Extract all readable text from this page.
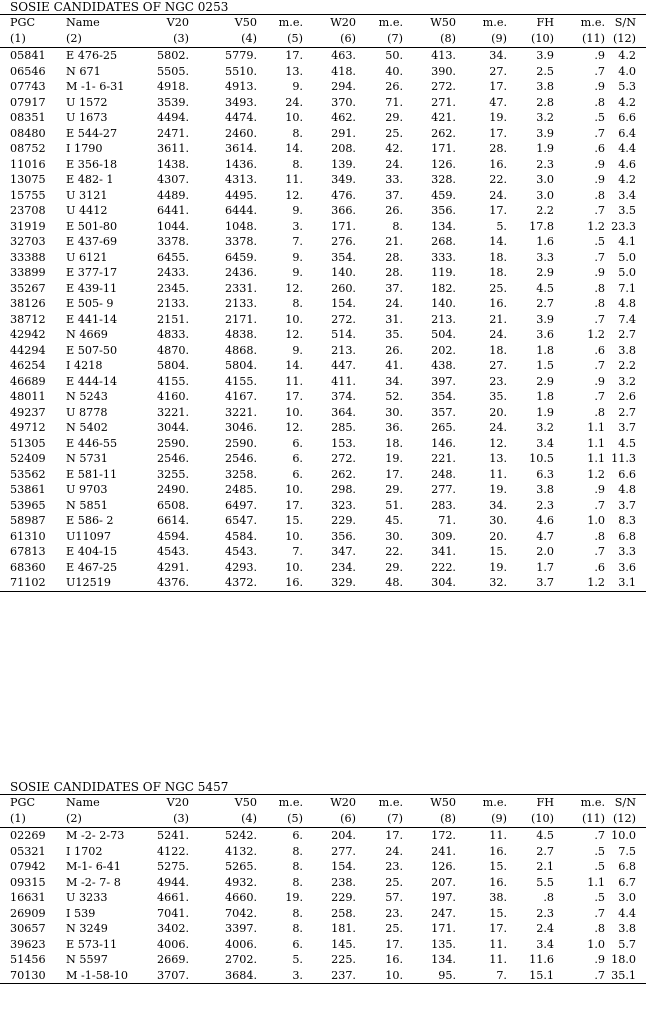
SOSIE CANDIDATES OF NGC 0253
PGC	Name	V20	V50 m.e. W20 m.e. W50 m.e.	FH m.e. S/N
(1)	(2)	(3)	(4)	(5)	(6)	(7)	(8)	(9) (10)	(11) (12)
05841 E 476-25	5802.	5779.	17.	463.	50.	413.	34.	3.9	.9 4.2
06546 N 671	5505.	5510.	13.	418.	40.	390.	27.	2.5	.7 4.0
07743 M -1- 6-31	4918.	4913.	9.	294.	26.	272.	17.	3.8	.9 5.3
07917 U 1572	3539.	3493.	24.	370.	71.	271.	47.	2.8	.8 4.2
08351 U 1673	4494.	4474.	10.	462.	29.	421.	19.	3.2	.5 6.6
08480 E 544-27	2471.	2460.	8.	291.	25.	262.	17.	3.9	.7 6.4
08752 I 1790	3611.	3614.	14.	208.	42.	171.	28.	1.9	.6 4.4
11016 E 356-18	1438.	1436.	8.	139.	24.	126.	16.	2.3	.9 4.6
13075 E 482- 1	4307.	4313.	11.	349.	33.	328.	22.	3.0	.9 4.2
15755 U 3121	4489.	4495.	12.	476.	37.	459.	24.	3.0	.8 3.4
23708 U 4412	6441.	6444.	9.	366.	26.	356.	17.	2.2	.7 3.5
31919 E 501-80	1044.	1048.	3.	171.	8.	134.	5. 17.8	1.2 23.3
32703 E 437-69	3378.	3378.	7.	276.	21.	268.	14.	1.6	.5 4.1
33388 U 6121	6455.	6459.	9.	354.	28.	333.	18.	3.3	.7 5.0
33899 E 377-17	2433.	2436.	9.	140.	28.	119.	18.	2.9	.9 5.0
35267 E 439-11	2345.	2331.	12.	260.	37.	182.	25.	4.5	.8 7.1
38126 E 505- 9	2133.	2133.	8.	154.	24.	140.	16.	2.7	.8 4.8
38712 E 441-14	2151.	2171.	10.	272.	31.	213.	21.	3.9	.7 7.4
42942 N 4669	4833.	4838.	12.	514.	35.	504.	24.	3.6	1.2 2.7
44294 E 507-50	4870.	4868.	9.	213.	26.	202.	18.	1.8	.6 3.8
46254 I 4218	5804.	5804.	14.	447.	41.	438.	27.	1.5	.7 2.2
46689 E 444-14	4155.	4155.	11.	411.	34.	397.	23.	2.9	.9 3.2
48011 N 5243	4160.	4167.	17.	374.	52.	354.	35.	1.8	.7 2.6
49237 U 8778	3221.	3221.	10.	364.	30.	357.	20.	1.9	.8 2.7
49712 N 5402	3044.	3046.	12.	285.	36.	265.	24.	3.2	1.1 3.7
51305 E 446-55	2590.	2590.	6.	153.	18.	146.	12.	3.4	1.1 4.5
52409 N 5731	2546.	2546.	6.	272.	19.	221.	13. 10.5	1.1 11.3
53562 E 581-11	3255.	3258.	6.	262.	17.	248.	11.	6.3	1.2 6.6
53861 U 9703	2490.	2485.	10.	298.	29.	277.	19.	3.8	.9 4.8
53965 N 5851	6508.	6497.	17.	323.	51.	283.	34.	2.3	.7 3.7
58987 E 586- 2	6614.	6547.	15.	229.	45.	71.	30.	4.6	1.0 8.3
61310 U11097	4594.	4584.	10.	356.	30.	309.	20.	4.7	.8 6.8
67813 E 404-15	4543.	4543.	7.	347.	22.	341.	15.	2.0	.7 3.3
68360 E 467-25	4291.	4293.	10.	234.	29.	222.	19.	1.7	.6 3.6
71102 U12519	4376.	4372.	16.	329.	48.	304.	32.	3.7	1.2 3.1
SOSIE CANDIDATES OF NGC 5457
PGC	Name	V20	V50 m.e. W20 m.e. W50 m.e.	FH m.e. S/N
(1)	(2)	(3)	(4)	(5)	(6)	(7)	(8)	(9) (10)	(11) (12)
02269 M -2- 2-73	5241.	5242.	6.	204.	17.	172.	11.	4.5	.7 10.0
05321 I 1702	4122.	4132.	8.	277.	24.	241.	16.	2.7	.5 7.5
07942 M-1- 6-41	5275.	5265.	8.	154.	23.	126.	15.	2.1	.5 6.8
09315 M -2- 7- 8	4944.	4932.	8.	238.	25.	207.	16.	5.5	1.1 6.7
16631 U 3233	4661.	4660.	19.	229.	57.	197.	38.	.8	.5 3.0
26909 I 539	7041.	7042.	8.	258.	23.	247.	15.	2.3	.7 4.4
30657 N 3249	3402.	3397.	8.	181.	25.	171.	17.	2.4	.8 3.8
39623 E 573-11	4006.	4006.	6.	145.	17.	135.	11.	3.4	1.0 5.7
51456 N 5597	2669.	2702.	5.	225.	16.	134.	11. 11.6	.9 18.0
70130 M -1-58-10	3707.	3684.	3.	237.	10.	95.	7. 15.1	.7 35.1
